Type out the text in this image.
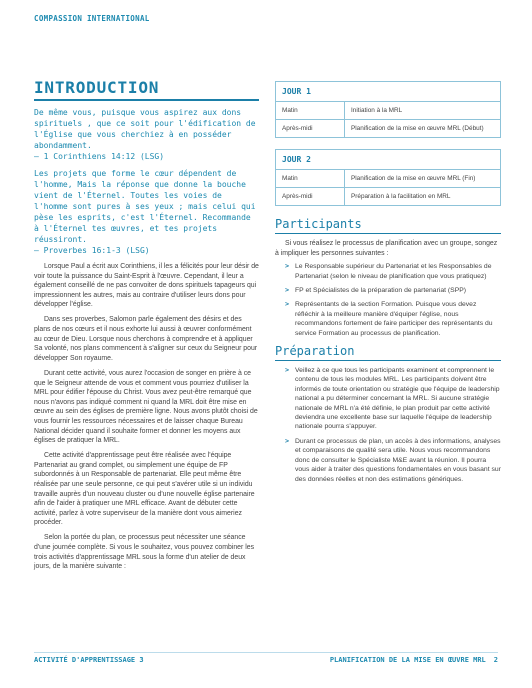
COMPASSION INTERNATIONAL
INTRODUCTION
De même vous, puisque vous aspirez aux dons spirituels , que ce soit pour l'édification de l'Église que vous cherchiez à en posséder abondamment.
— 1 Corinthiens 14:12 (LSG)
Les projets que forme le cœur dépendent de l'homme, Mais la réponse que donne la bouche vient de l'Éternel. Toutes les voies de l'homme sont pures à ses yeux ; mais celui qui pèse les esprits, c'est l'Éternel. Recommande à l'Éternel tes œuvres, et tes projets réussiront.
— Proverbes 16:1-3 (LSG)

Lorsque Paul a écrit aux Corinthiens, il les a félicités pour leur désir de voir toute la puissance du Saint-Esprit à l'œuvre. Cependant, il leur a également conseillé de ne pas convoiter de dons spirituels tapageurs qui impressionnent les autres, mais au contraire d'utiliser leurs dons pour développer l'église.

Dans ses proverbes, Salomon parle également des désirs et des plans de nos cœurs et il nous exhorte lui aussi à œuvrer conformément au cœur de Dieu. Lorsque nous cherchons à comprendre et à appliquer Sa volonté, nos plans commencent à s'aligner sur ceux du Seigneur pour développer Son royaume.

Durant cette activité, vous aurez l'occasion de songer en prière à ce que le Seigneur attende de vous et comment vous pourriez d'utiliser la MRL pour édifier l'épouse du Christ. Vous avez peut-être remarqué que nous n'avons pas indiqué comment ni quand la MRL doit être mise en œuvre au sein des églises de première ligne. Nous avons plutôt choisi de vous fournir les ressources nécessaires et de laisser chaque Bureau National décider quand il souhaite former et donner les moyens aux églises de pratiquer la MRL.

Cette activité d'apprentissage peut être réalisée avec l'équipe Partenariat au grand complet, ou simplement une équipe de FP subordonnés à un Responsable de partenariat. Elle peut même être réalisée par une seule personne, ce qui peut s'avérer utile si un individu travaille auprès d'un nouveau cluster ou d'une nouvelle église partenaire afin de l'aider à pratiquer une MRL efficace. Avant de débuter cette activité, parlez à votre superviseur de la manière dont vous aimeriez procéder.

Selon la portée du plan, ce processus peut nécessiter une séance d'une journée complète. Si vous le souhaitez, vous pouvez combiner les trois activités d'apprentissage MRL sous la forme d'un atelier de deux jours, de la manière suivante :

JOUR 1
Matin	Initiation à la MRL
Après-midi	Planification de la mise en œuvre MRL (Début)
JOUR 2
Matin	Planification de la mise en œuvre MRL (Fin)
Après-midi	Préparation à la facilitation en MRL
Participants
Si vous réalisez le processus de planification avec un groupe, songez à impliquer les personnes suivantes :
> Le Responsable supérieur du Partenariat et les Responsables de Partenariat (selon le niveau de planification que vous pratiquez)
> FP et Spécialistes de la préparation de partenariat (SPP)
> Représentants de la section Formation. Puisque vous devez réfléchir à la meilleure manière d'équiper l'église, nous recommandons fortement de faire participer des représentants du service Formation au processus de planification.
Préparation
> Veillez à ce que tous les participants examinent et comprennent le contenu de tous les modules MRL. Les participants doivent être informés de toute orientation ou stratégie que l'équipe de leadership national a pu déterminer concernant la MRL. Si aucune stratégie nationale de MRL n'a été définie, le plan produit par cette activité deviendra une excellente base sur laquelle l'équipe de leadership nationale pourra s'appuyer.
> Durant ce processus de plan, un accès à des informations, analyses et comparaisons de qualité sera utile. Nous vous recommandons donc de consulter le Spécialiste M&E avant la réunion. Il pourra vous aider à traiter des questions fondamentales en vous basant sur des données réelles et non des estimations génériques.
ACTIVITÉ D'APPRENTISSAGE 3	PLANIFICATION DE LA MISE EN ŒUVRE MRL 2
